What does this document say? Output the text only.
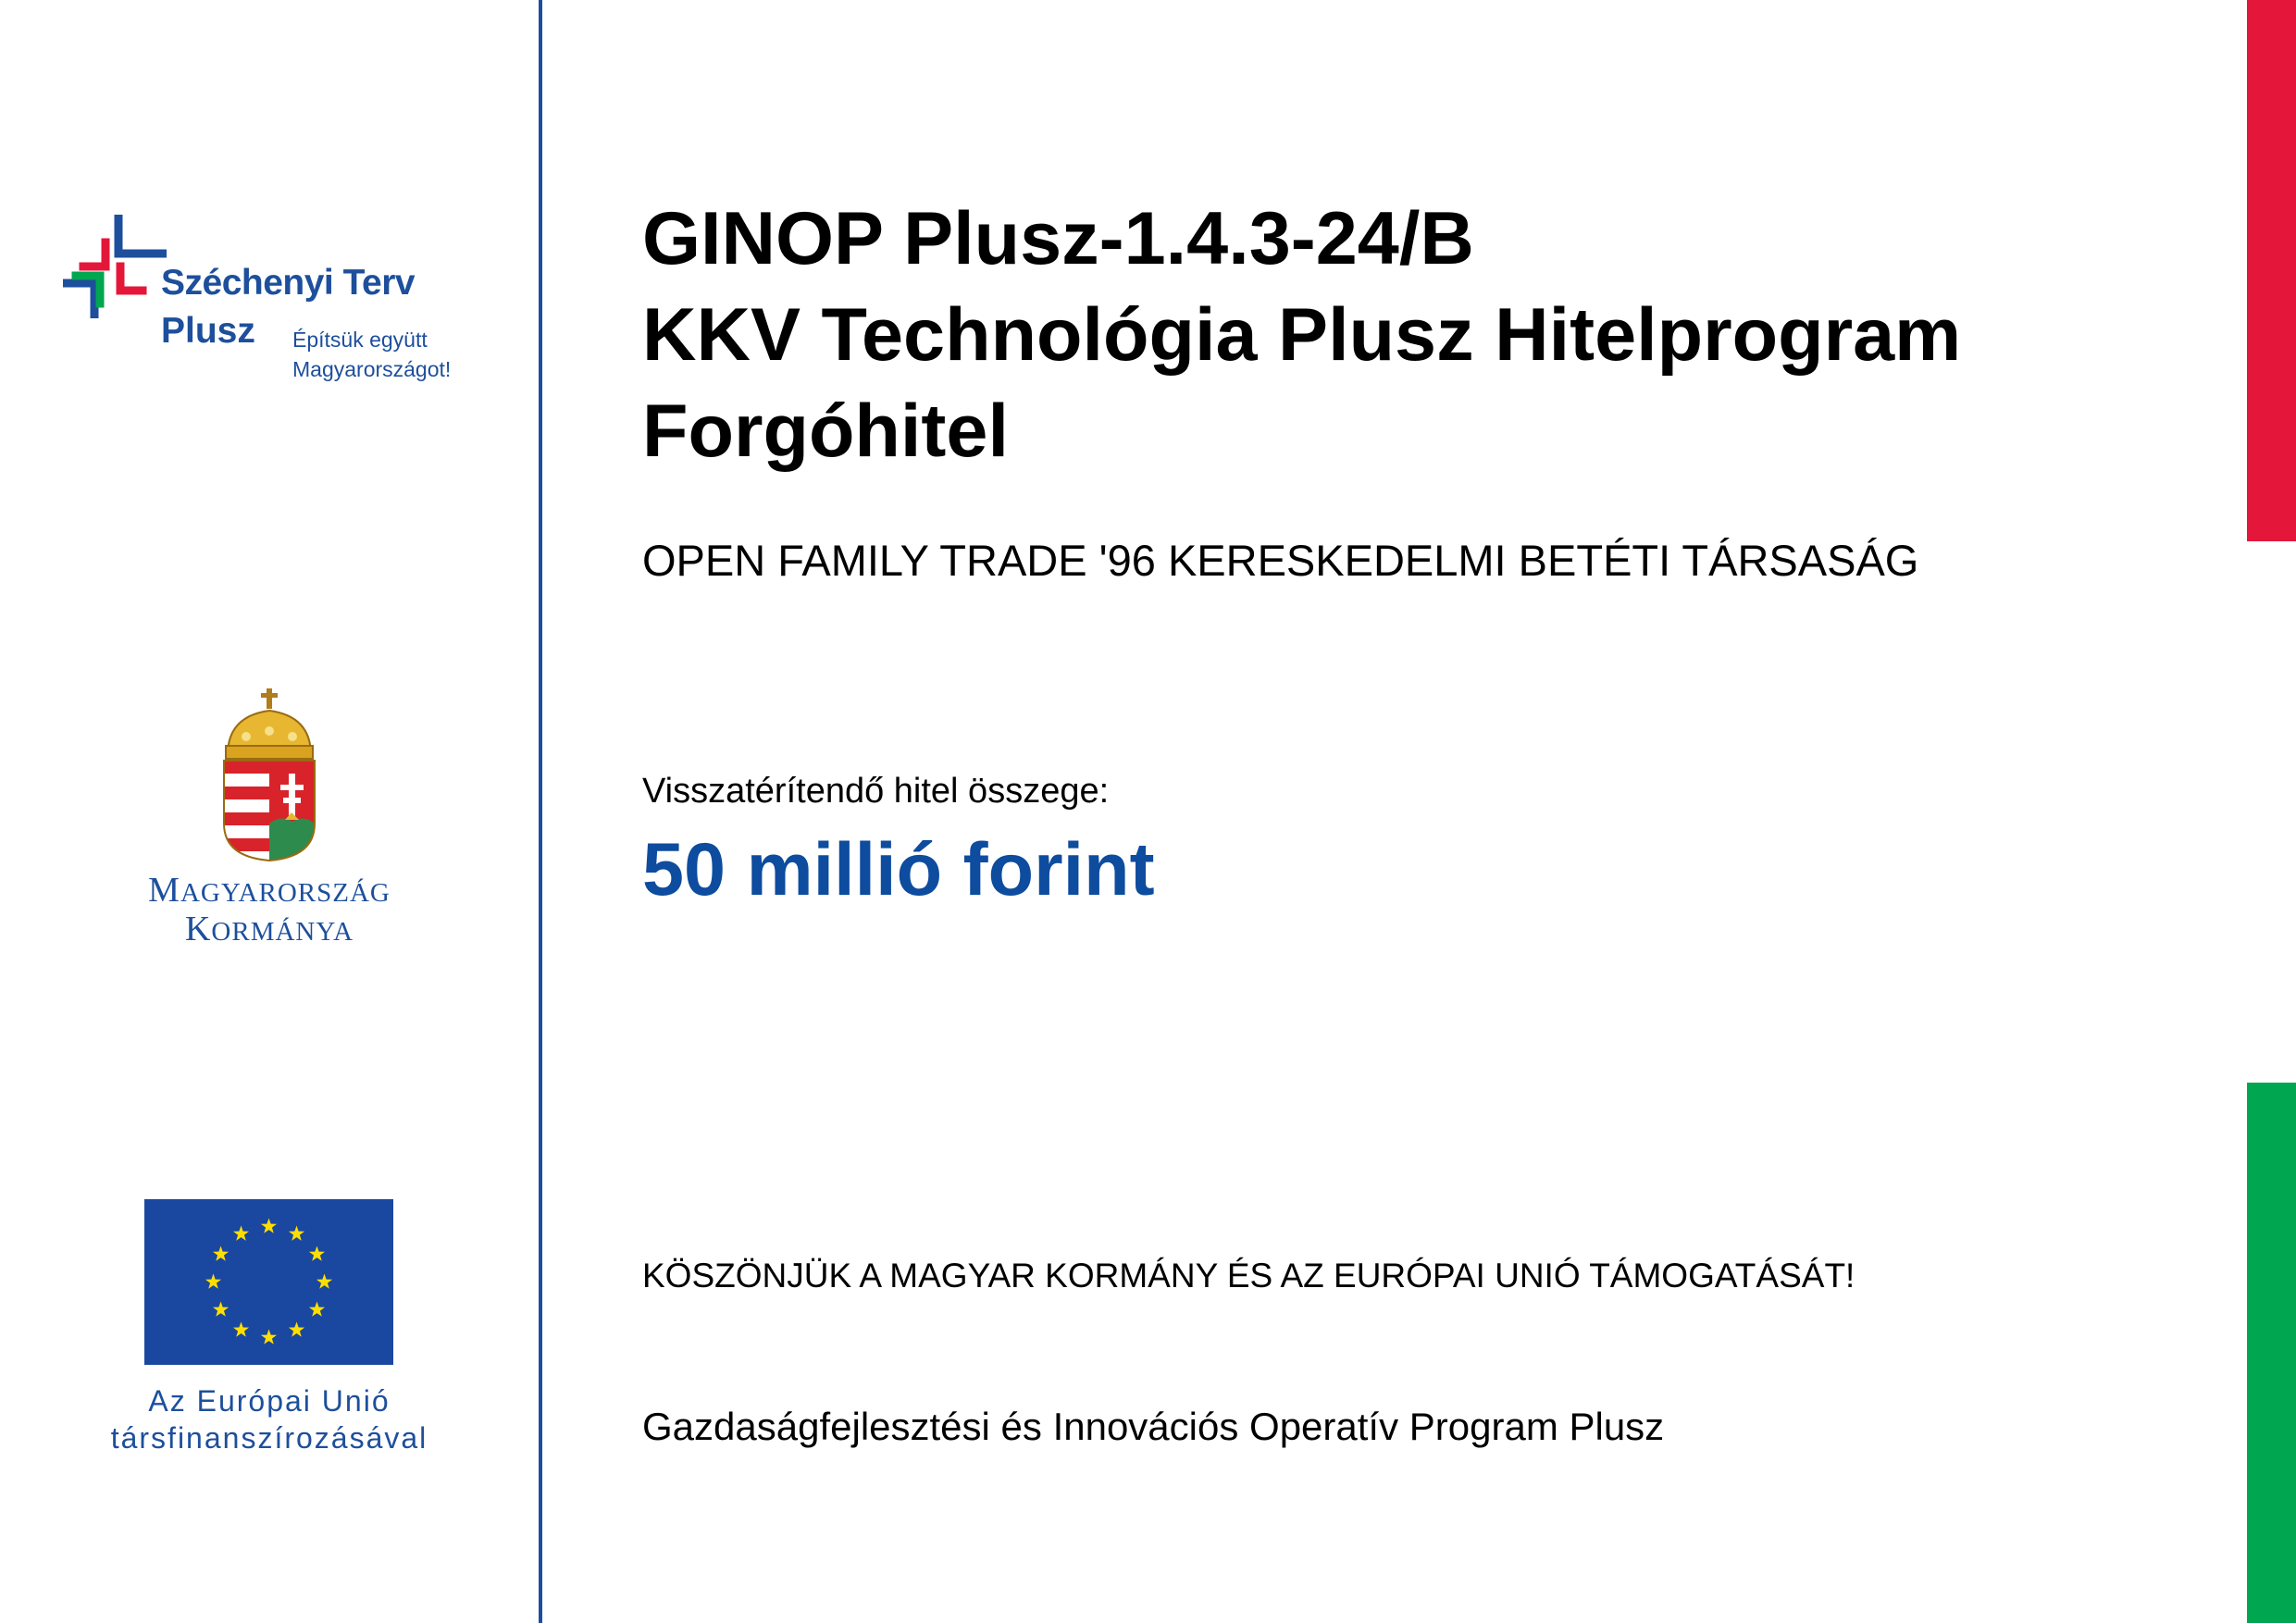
Széchenyi Terv
Plusz Építsük együtt
Magyarországot!
MAGYARORSZÁG
KORMÁNYA
Az Európai Unió
társfinanszírozásával
GINOP Plusz-1.4.3-24/B
KKV Technológia Plusz Hitelprogram
Forgóhitel
OPEN FAMILY TRADE '96 KERESKEDELMI BETÉTI TÁRSASÁG
Visszatérítendő hitel összege:
50 millió forint
KÖSZÖNJÜK A MAGYAR KORMÁNY ÉS AZ EURÓPAI UNIÓ TÁMOGATÁSÁT!
Gazdaságfejlesztési és Innovációs Operatív Program Plusz
